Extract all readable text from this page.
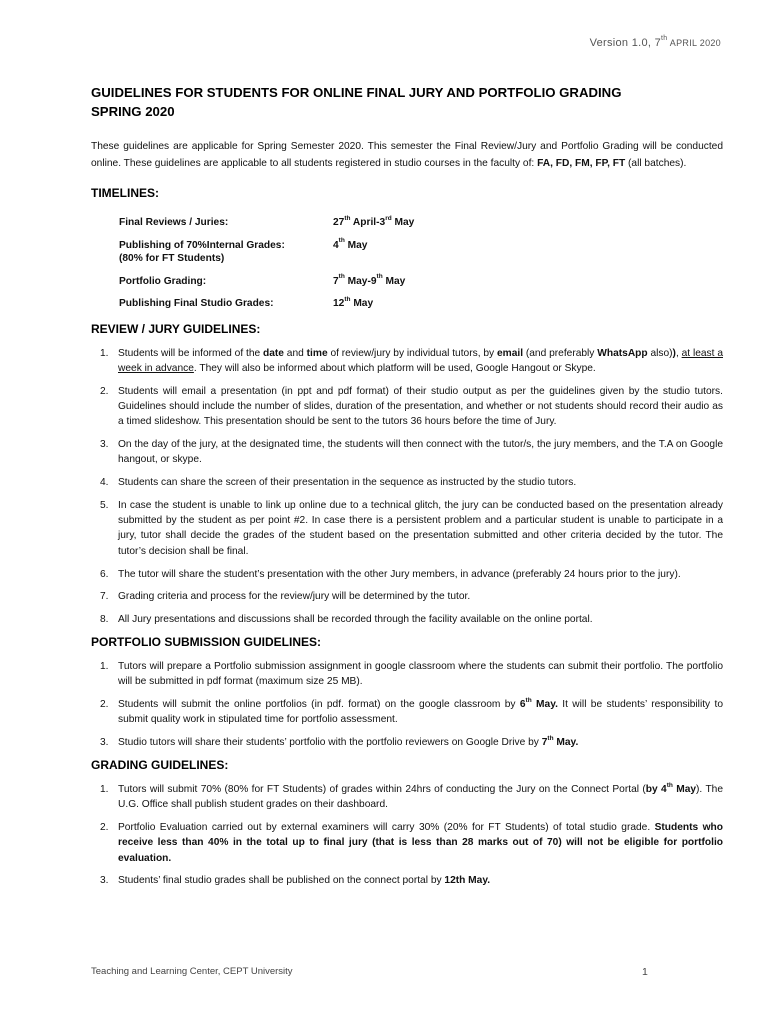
Version 1.0, 7th APRIL 2020
GUIDELINES FOR STUDENTS FOR ONLINE FINAL JURY AND PORTFOLIO GRADING
SPRING 2020

These guidelines are applicable for Spring Semester 2020. This semester the Final Review/Jury and Portfolio Grading will be conducted online. These guidelines are applicable to all students registered in studio courses in the faculty of: FA, FD, FM, FP, FT (all batches).

TIMELINES:
Final Reviews / Juries:	27th April-3rd May
Publishing of 70%Internal Grades:
(80% for FT Students)	4th May
Portfolio Grading:	7th May-9th May
Publishing Final Studio Grades:	12th May
REVIEW / JURY GUIDELINES:
1. Students will be informed of the date and time of review/jury by individual tutors, by email (and preferably WhatsApp also)), at least a week in advance. They will also be informed about which platform will be used, Google Hangout or Skype.
2. Students will email a presentation (in ppt and pdf format) of their studio output as per the guidelines given by the studio tutors. Guidelines should include the number of slides, duration of the presentation, and whether or not students should record their audio as a timed slideshow. This presentation should be sent to the tutors 36 hours before the time of Jury.
3. On the day of the jury, at the designated time, the students will then connect with the tutor/s, the jury members, and the T.A on Google hangout, or skype.
4. Students can share the screen of their presentation in the sequence as instructed by the studio tutors.
5. In case the student is unable to link up online due to a technical glitch, the jury can be conducted based on the presentation already submitted by the student as per point #2. In case there is a persistent problem and a particular student is unable to participate in a jury, tutor shall decide the grades of the student based on the presentation submitted and other criteria decided by the tutor. The tutor’s decision shall be final.
6. The tutor will share the student’s presentation with the other Jury members, in advance (preferably 24 hours prior to the jury).
7. Grading criteria and process for the review/jury will be determined by the tutor.
8. All Jury presentations and discussions shall be recorded through the facility available on the online portal.
PORTFOLIO SUBMISSION GUIDELINES:
1. Tutors will prepare a Portfolio submission assignment in google classroom where the students can submit their portfolio. The portfolio will be submitted in pdf format (maximum size 25 MB).
2. Students will submit the online portfolios (in pdf. format) on the google classroom by 6th May. It will be students’ responsibility to submit quality work in stipulated time for portfolio assessment.
3. Studio tutors will share their students’ portfolio with the portfolio reviewers on Google Drive by 7th May.
GRADING GUIDELINES:
1. Tutors will submit 70% (80% for FT Students) of grades within 24hrs of conducting the Jury on the Connect Portal (by 4th May). The U.G. Office shall publish student grades on their dashboard.
2. Portfolio Evaluation carried out by external examiners will carry 30% (20% for FT Students) of total studio grade. Students who receive less than 40% in the total up to final jury (that is less than 28 marks out of 70) will not be eligible for portfolio evaluation.
3. Students’ final studio grades shall be published on the connect portal by 12th May.
Teaching and Learning Center, CEPT University	1
